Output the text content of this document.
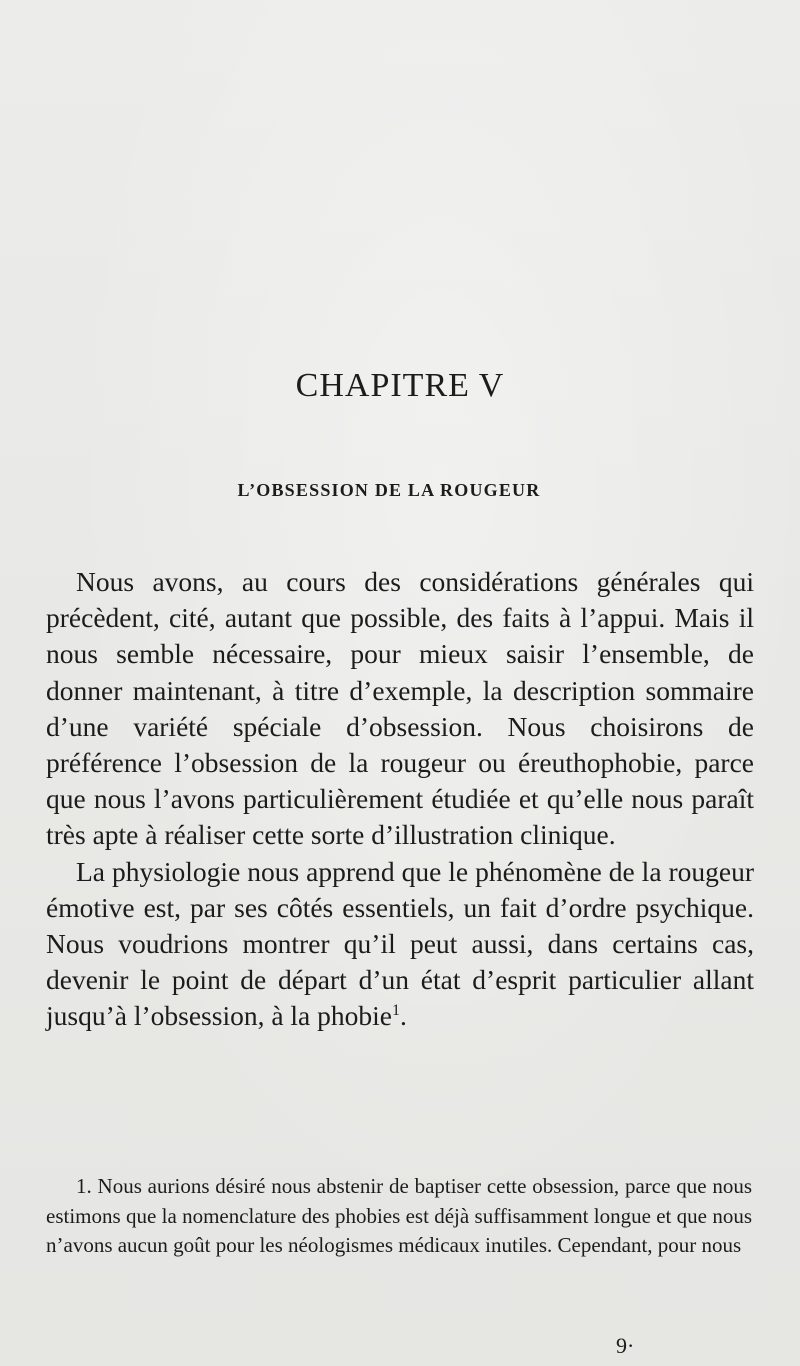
CHAPITRE V
L’OBSESSION DE LA ROUGEUR

Nous avons, au cours des considérations générales qui précèdent, cité, autant que possible, des faits à l’appui. Mais il nous semble nécessaire, pour mieux saisir l’ensemble, de donner maintenant, à titre d’exemple, la description sommaire d’une variété spéciale d’obsession. Nous choisirons de préférence l’obsession de la rougeur ou éreuthophobie, parce que nous l’avons particulièrement étudiée et qu’elle nous paraît très apte à réaliser cette sorte d’illustration clinique.

La physiologie nous apprend que le phénomène de la rougeur émotive est, par ses côtés essentiels, un fait d’ordre psychique. Nous voudrions montrer qu’il peut aussi, dans certains cas, devenir le point de départ d’un état d’esprit particulier allant jusqu’à l’obsession, à la phobie$^1$.

1. Nous aurions désiré nous abstenir de baptiser cette obsession, parce que nous estimons que la nomenclature des phobies est déjà suffisamment longue et que nous n’avons aucun goût pour les néologismes médicaux inutiles. Cependant, pour nous

9·
